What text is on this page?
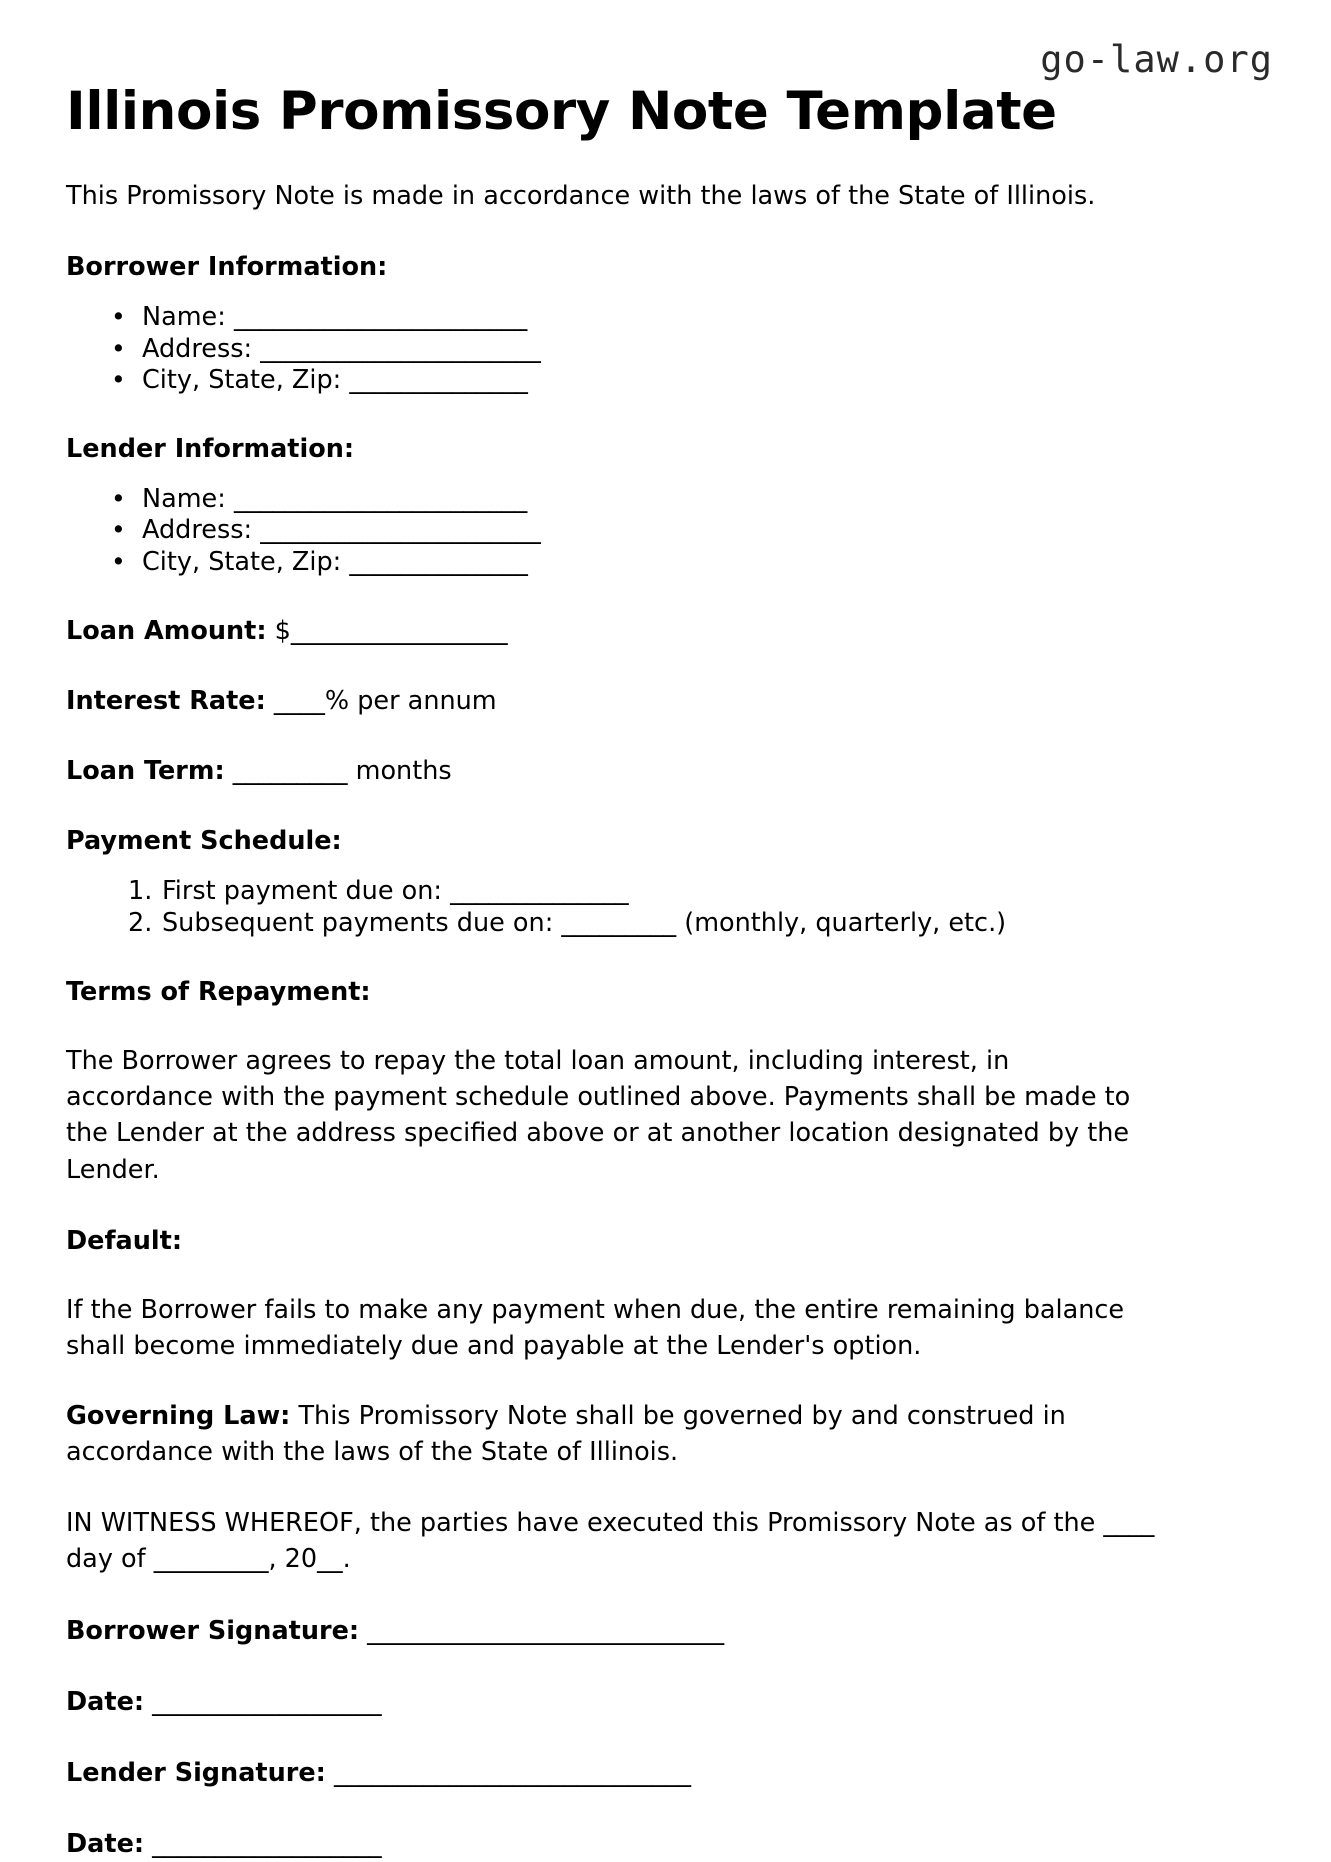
go-law.org
Illinois Promissory Note Template

This Promissory Note is made in accordance with the laws of the State of Illinois.

Borrower Information:
• Name: _______________________
• Address: ______________________
• City, State, Zip: ______________
Lender Information:
• Name: _______________________
• Address: ______________________
• City, State, Zip: ______________

Loan Amount: $_________________

Interest Rate: ____% per annum

Loan Term: _________ months

Payment Schedule:
First payment due on: ______________
Subsequent payments due on: _________ (monthly, quarterly, etc.)
Terms of Repayment:

The Borrower agrees to repay the total loan amount, including interest, in accordance with the payment schedule outlined above. Payments shall be made to the Lender at the address specified above or at another location designated by the Lender.

Default:

If the Borrower fails to make any payment when due, the entire remaining balance shall become immediately due and payable at the Lender's option.

Governing Law: This Promissory Note shall be governed by and construed in accordance with the laws of the State of Illinois.

IN WITNESS WHEREOF, the parties have executed this Promissory Note as of the ____ day of _________, 20__.

Borrower Signature: ____________________________

Date: __________________

Lender Signature: ____________________________

Date: __________________
